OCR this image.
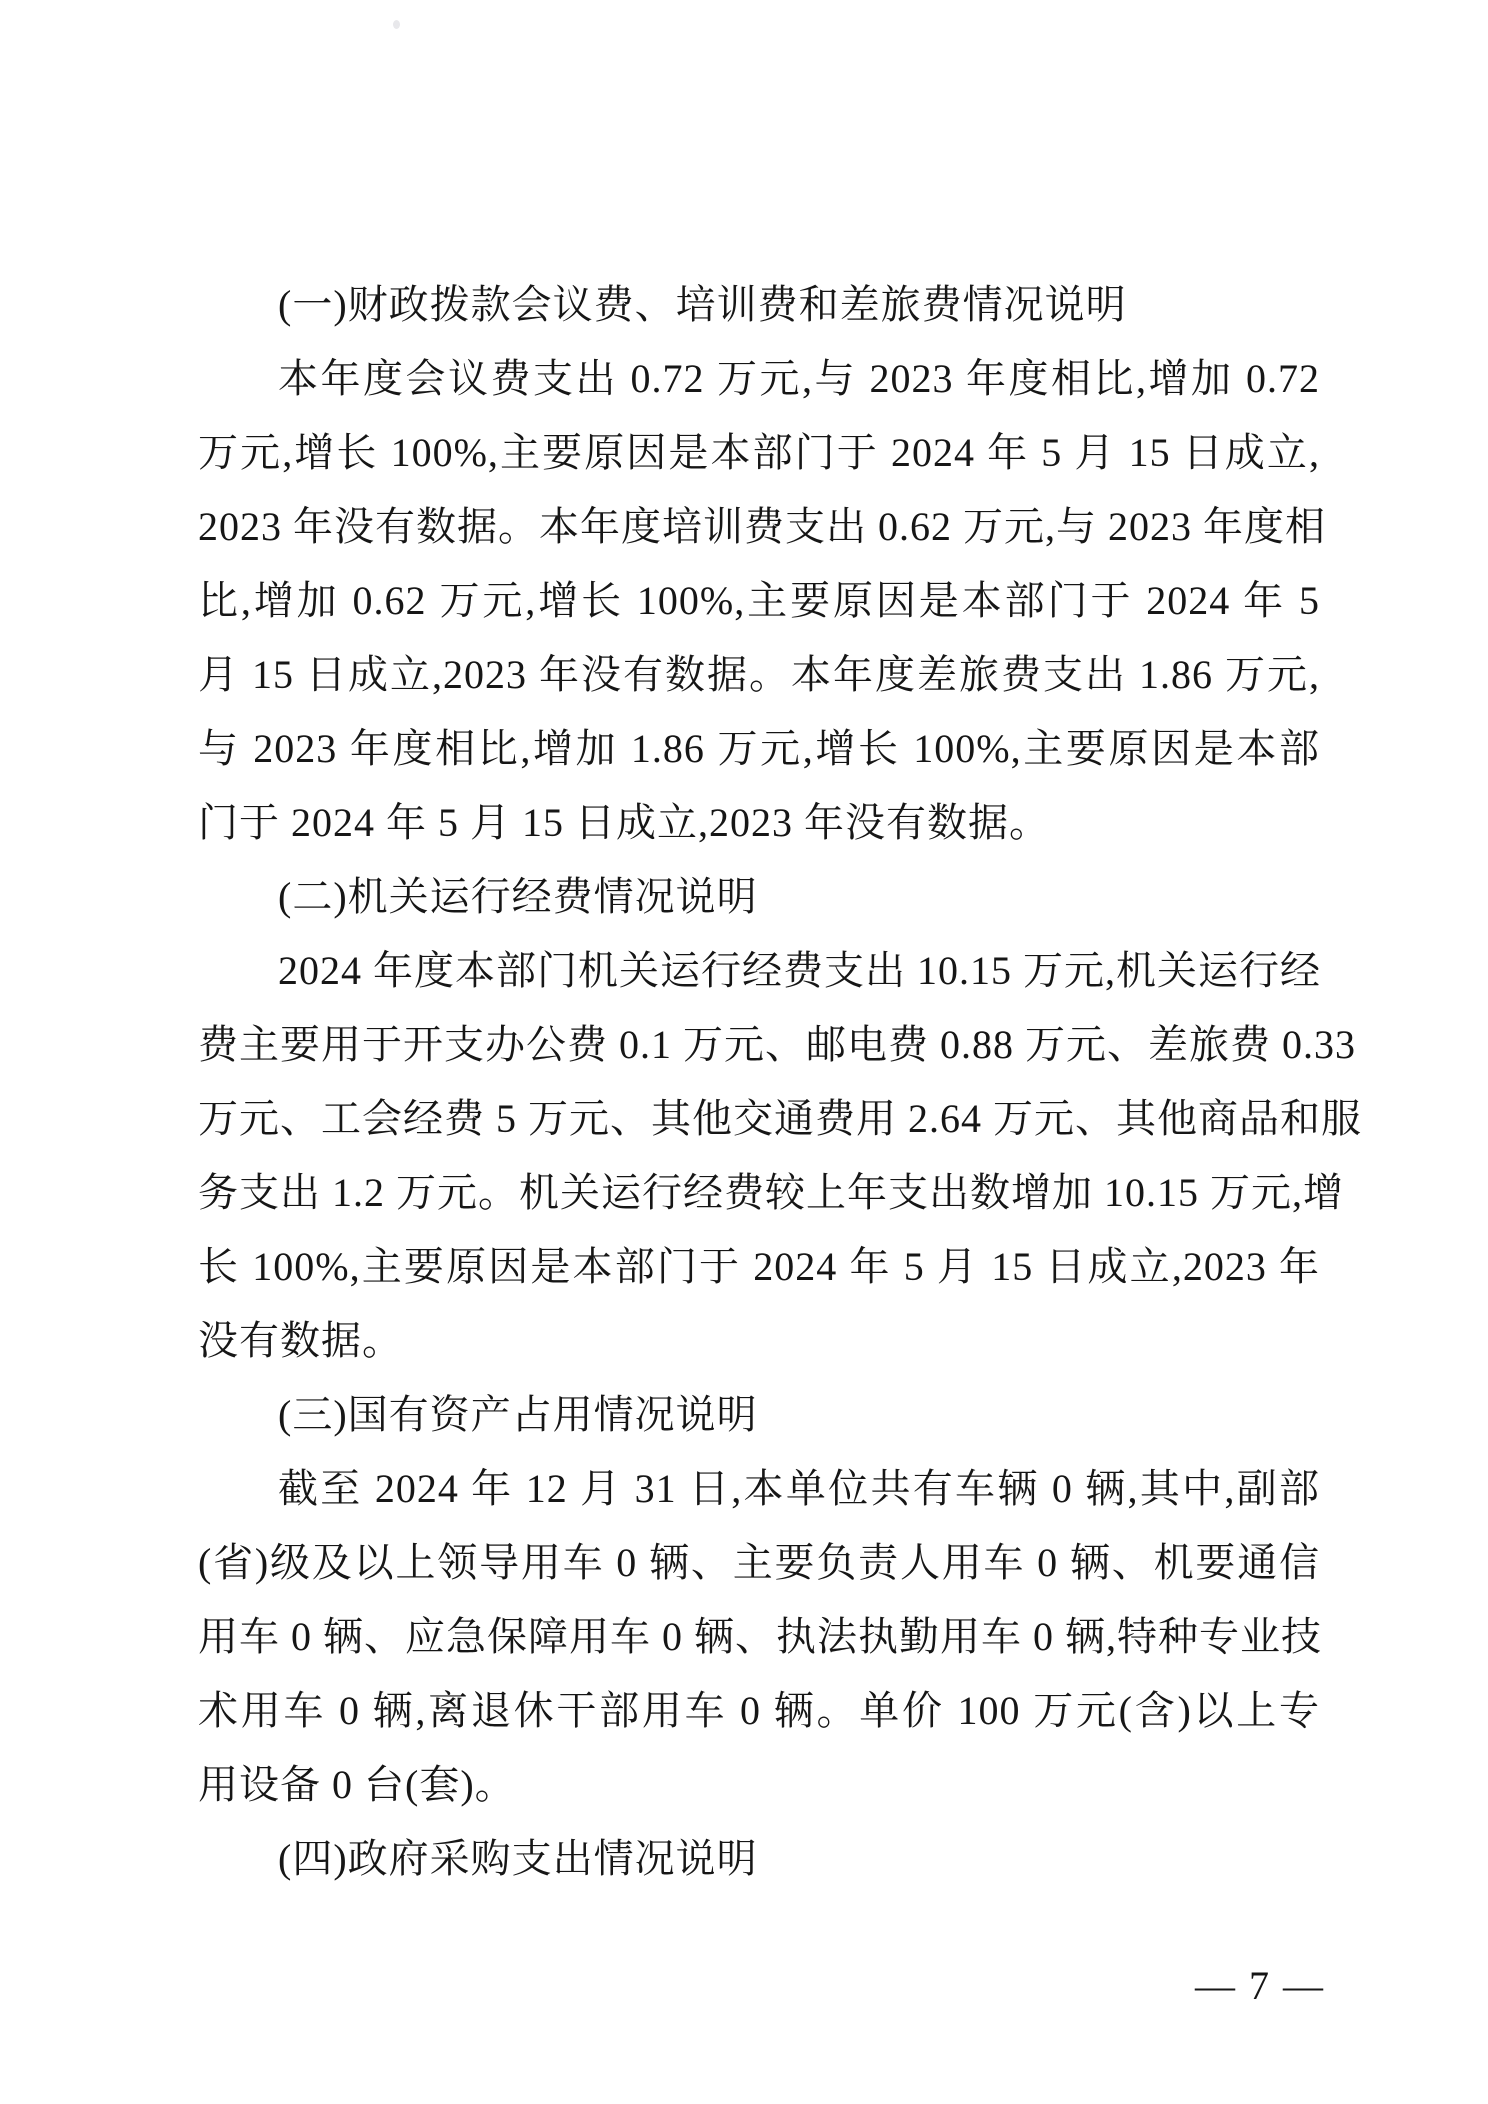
(一)财政拨款会议费、培训费和差旅费情况说明
本年度会议费支出 0.72 万元,与 2023 年度相比,增加 0.72
万元,增长 100%,主要原因是本部门于 2024 年 5 月 15 日成立,
2023 年没有数据。本年度培训费支出 0.62 万元,与 2023 年度相
比,增加 0.62 万元,增长 100%,主要原因是本部门于 2024 年 5
月 15 日成立,2023 年没有数据。本年度差旅费支出 1.86 万元,
与 2023 年度相比,增加 1.86 万元,增长 100%,主要原因是本部
门于 2024 年 5 月 15 日成立,2023 年没有数据。
(二)机关运行经费情况说明
2024 年度本部门机关运行经费支出 10.15 万元,机关运行经
费主要用于开支办公费 0.1 万元、邮电费 0.88 万元、差旅费 0.33
万元、工会经费 5 万元、其他交通费用 2.64 万元、其他商品和服
务支出 1.2 万元。机关运行经费较上年支出数增加 10.15 万元,增
长 100%,主要原因是本部门于 2024 年 5 月 15 日成立,2023 年
没有数据。
(三)国有资产占用情况说明
截至 2024 年 12 月 31 日,本单位共有车辆 0 辆,其中,副部
(省)级及以上领导用车 0 辆、主要负责人用车 0 辆、机要通信
用车 0 辆、应急保障用车 0 辆、执法执勤用车 0 辆,特种专业技
术用车 0 辆,离退休干部用车 0 辆。单价 100 万元(含)以上专
用设备 0 台(套)。
(四)政府采购支出情况说明
— 7 —
